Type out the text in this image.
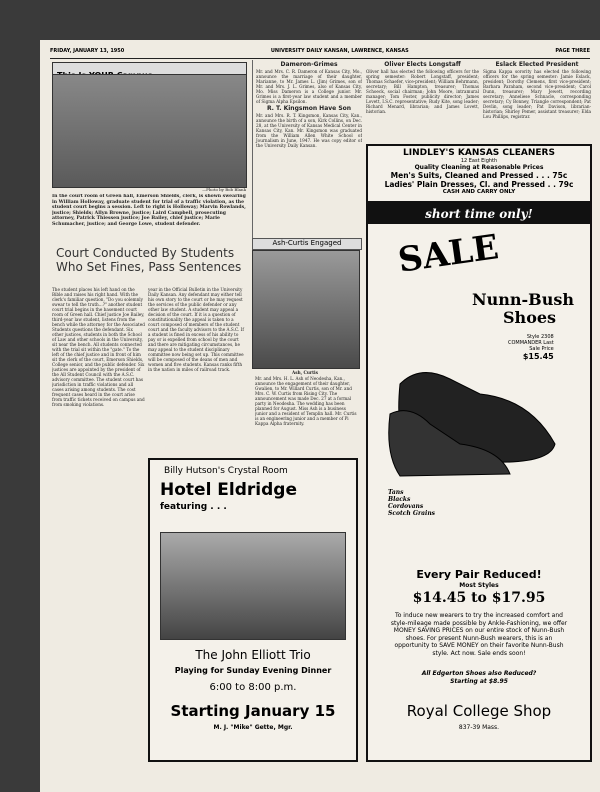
FRIDAY, JANUARY 13, 1950	UNIVERSITY DAILY KANSAN, LAWRENCE, KANSAS	PAGE THREE
—Photo by Bob Blank
In the court room of Green hall, Emerson Shields, clerk, is shown swearing in William Holloway, graduate student for trial of a traffic violation, as the student court begins a session. Left to right is Holloway; Marvin Rowlands, justice; Shields; Allyn Browne, justice; Laird Campbell, prosecuting attorney, Patrick Thiessen justice; Joe Bailey, chief justice; Marie Schumacher, justice; and George Lowe, student defender.
Court Conducted By Students Who Set Fines, Pass Sentences
The student places his left hand on the Bible and raises his right hand. With the clerk's familiar question, "Do you solemnly swear to tell the truth...?" another student court trial begins in the basement court room of Green hall. Chief justice Joe Bailey, third-year law student, listens from the bench while the attorney for the Associated Students questions the defendant. Six other justices, students in both the School of Law and other schools in the University, sit near the bench. All students connected with the trial sit within the "gate." To the left of the chief justice and in front of him sit the clerk of the court, Emerson Shields, College senior, and the public defender. Six justices are appointed by the president of the All Student Council with the A.S.C. advisory committee. The student court has jurisdiction in traffic violations and all cases arising among students. The cost frequent cases heard in the court arise from traffic tickets received on campus and from smoking violations.
year in the Official Bulletin in the University Daily Kansan. Any defendant may either tell his own story to the court or he may request the services of the public defender or any other law student. A student may appeal a decision of the court. If it is a question of constitutionality the appeal is taken to a court composed of members of the student court and the faculty advisors to the A.S.C. If a student is fined in excess of his ability to pay or is expelled from school by the court and there are mitigating circumstances, he may appeal to the student disciplinary committee now being set up. This committee will be composed of the deans of men and women and five students. Kansas ranks fifth in the nation in miles of railroad track.
Dameron-Grimes

Mr. and Mrs. C. R. Dameron of Kansas City, Mo., announce the marriage of their daughter, Marianne, to Mr. James L. (Jim) Grimes, son of Mr. and Mrs. J. L. Grimes, also of Kansas City, Mo. Miss Dameron is a College junior. Mr. Grimes is a first-year law student and a member of Sigma Alpha Epsilon.

R. T. Kingsmon Have Son

Mr. and Mrs. R. T. Kingsmon, Kansas City, Kan., announce the birth of a son, Kirk Collins, on Dec. 28, at the University of Kansas Medical Center in Kansas City, Kan. Mr. Kingsmon was graduated from the William Allen White School of Journalism in June, 1947. He was copy editor of the University Daily Kansan.

Ash-Curtis Engaged
Ash, Curtis
Mr. and Mrs. H. L. Ash of Neodesha, Kan., announce the engagement of their daughter, Gwalien, to Mr. Willard Curtis, son of Mr. and Mrs. C. W. Curtis from Rising City. The announcement was made Dec. 27 at a formal party in Neodesha. The wedding has been planned for August. Miss Ash is a business junior and a resident of Templin hall. Mr. Curtis is an engineering junior and a member of Pi Kappa Alpha fraternity.
Billy Hutson's Crystal Room
Hotel Eldridge
featuring . . .
The John Elliott Trio
Playing for Sunday Evening Dinner
6:00 to 8:00 p.m.
Starting January 15
M. J. "Mike" Gette, Mgr.
Oliver Elects Longstaff

Oliver hall has elected the following officers for the spring semester: Robert Longstaff, president; Thomas Schaefer, vice-president; William Behrmann, secretary; Bill Hampton, treasurer; Thomas Schoeck, social chairman; John Moore, intramural manager; Tom Foster, publicity director; James Lovett, I.S.C. representative; Rudy Kite, song leader; Richard Menard, librarian; and James Lovett, historian.

Eslack Elected President

Sigma Kappa sorority has elected the following officers for the spring semester: Jamie Eslack, president; Dorothy Clemens, first vice-president; Barbara Paraham, second vice-president; Carol Dunn, treasurer; Mary Jewett, recording secretary; Anneliese Schnacle, corresponding secretary; Cy Bonney, Triangle correspondent; Pat Devlin, song leader; Pat Davison, librarian-historian; Shirley Pemer, assistant treasurer; Elda Lou Phillips, registrar.

LINDLEY'S KANSAS CLEANERS
12 East Eighth
Quality Cleaning at Reasonable Prices
Men's Suits, Cleaned and Pressed . . . 75c
Ladies' Plain Dresses, Cl. and Pressed . . 79c
CASH AND CARRY ONLY
short time only!
SALE
Nunn-Bush
Shoes
Style 2308
COMMANDER Last
Sale Price
$15.45
Tans
Blacks
Cordovans
Scotch Grains
Every Pair Reduced!
Most Styles
$14.45 to $17.95
To induce new wearers to try the increased comfort and style-mileage made possible by Ankle-Fashioning, we offer MONEY SAVING PRICES on our entire stock of Nunn-Bush shoes. For present Nunn-Bush wearers, this is an opportunity to SAVE MONEY on their favorite Nunn-Bush style. Act now. Sale ends soon!
All Edgerton Shoes also Reduced?
Starting at $8.95
Royal College Shop
837-39 Mass.
